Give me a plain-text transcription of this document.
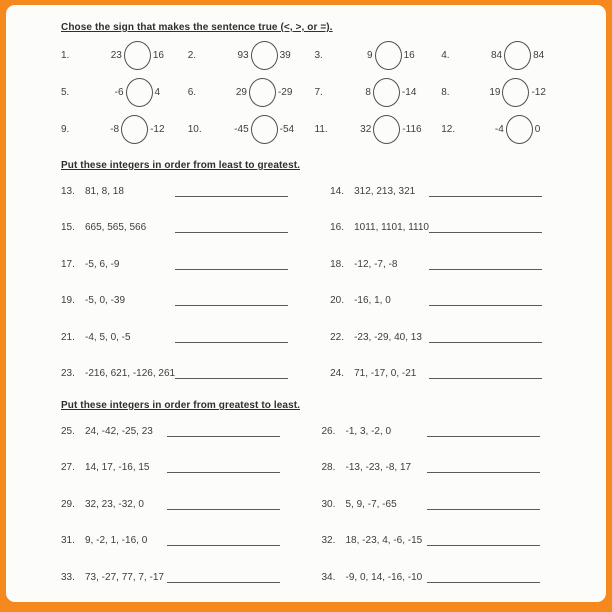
Chose the sign that makes the sentence true (<, >, or =).
1.	23	16 2.	93	39 3.	9	16	4.	84	84
5.	-6	4	6.	29	-29 7.	8	-14 8.	19	-12
9.	-8	-12 10.	-45	-54 11.	32	-116 12.	-4	0
Put these integers in order from least to greatest.
13.	81, 8, 18	14.	312, 213, 321
15.	665, 565, 566	16.	1011, 1101, 1110
17.	-5, 6, -9	18.	-12, -7, -8
19.	-5, 0, -39	20.	-16, 1, 0
21.	-4, 5, 0, -5	22.	-23, -29, 40, 13
23.	-216, 621, -126, 261	24.	71, -17, 0, -21
Put these integers in order from greatest to least.
25.	24, -42, -25, 23	26.	-1, 3, -2, 0
27.	14, 17, -16, 15	28.	-13, -23, -8, 17
29.	32, 23, -32, 0	30.	5, 9, -7, -65
31.	9, -2, 1, -16, 0	32.	18, -23, 4, -6, -15
33.	73, -27, 77, 7, -17	34.	-9, 0, 14, -16, -10
